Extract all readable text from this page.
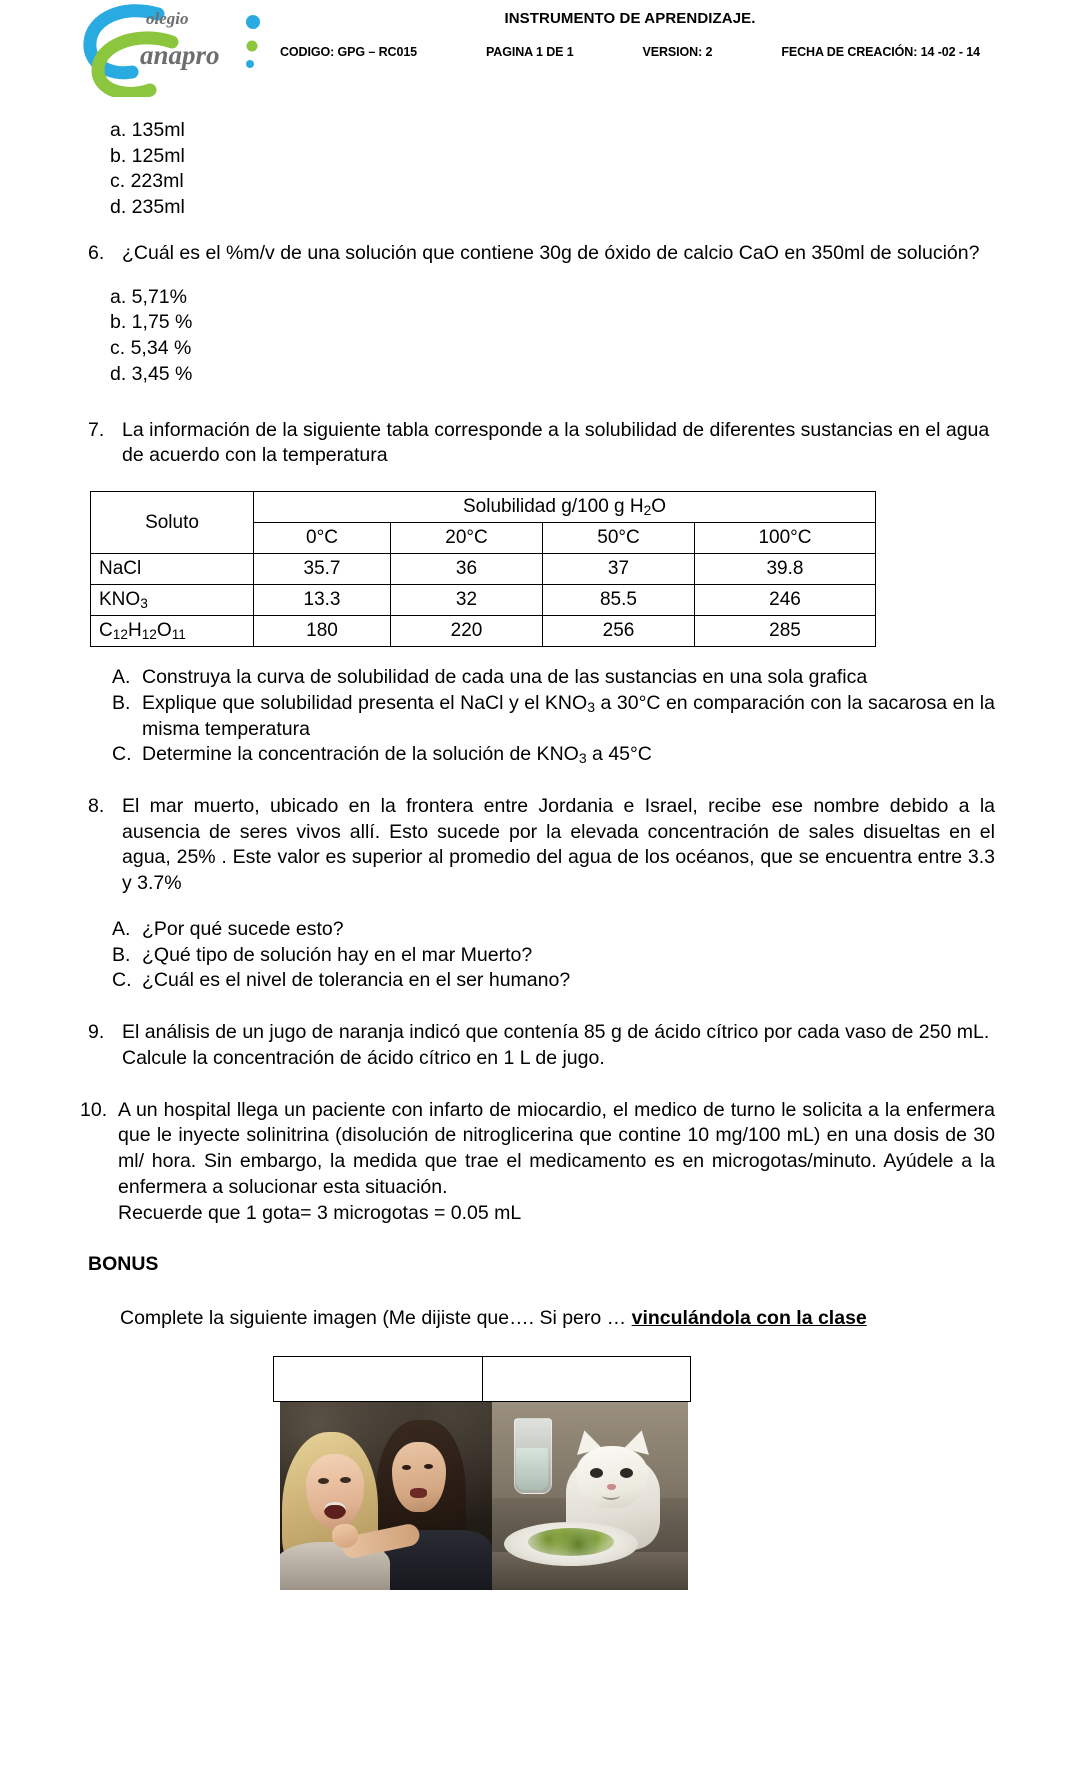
olegio
anapro
INSTRUMENTO DE APRENDIZAJE.
CODIGO: GPG – RC015	PAGINA 1 DE 1	VERSION: 2	FECHA DE CREACIÓN: 14 -02 - 14
a. 135ml
b. 125ml
c. 223ml
d. 235ml
6. ¿Cuál es el %m/v de una solución que contiene 30g de óxido de calcio CaO en 350ml de solución?
a. 5,71%
b. 1,75 %
c. 5,34 %
d. 3,45 %
7. La información de la siguiente tabla corresponde a la solubilidad de diferentes sustancias en el agua de acuerdo con la temperatura
Soluto	Solubilidad g/100 g $H_2O$			
	0°C	20°C	50°C	100°C
NaCl	35.7	36	37	39.8
$KNO_3$	13.3	32	85.5	246
$C_{12}H_{12}O_{11}$	180	220	256	285
A. Construya la curva de solubilidad de cada una de las sustancias en una sola grafica
B. Explique que solubilidad presenta el NaCl y el $KNO_3$ a 30°C en comparación con la sacarosa en la misma temperatura
C. Determine la concentración de la solución de $KNO_3$ a 45°C
8. El mar muerto, ubicado en la frontera entre Jordania e Israel, recibe ese nombre debido a la ausencia de seres vivos allí. Esto sucede por la elevada concentración de sales disueltas en el agua, 25% . Este valor es superior al promedio del agua de los océanos, que se encuentra entre 3.3 y 3.7%
A. ¿Por qué sucede esto?
B. ¿Qué tipo de solución hay en el mar Muerto?
C. ¿Cuál es el nivel de tolerancia en el ser humano?
9. El análisis de un jugo de naranja indicó que contenía 85 g de ácido cítrico por cada vaso de 250 mL. Calcule la concentración de ácido cítrico en 1 L de jugo.
10. A un hospital llega un paciente con infarto de miocardio, el medico de turno le solicita a la enfermera que le inyecte solinitrina (disolución de nitroglicerina que contine 10 mg/100 mL) en una dosis de 30 ml/ hora. Sin embargo, la medida que trae el medicamento es en microgotas/minuto. Ayúdele a la enfermera a solucionar esta situación.
Recuerde que 1 gota= 3 microgotas = 0.05 mL
BONUS
Complete la siguiente imagen (Me dijiste que…. Si pero … vinculándola con la clase
